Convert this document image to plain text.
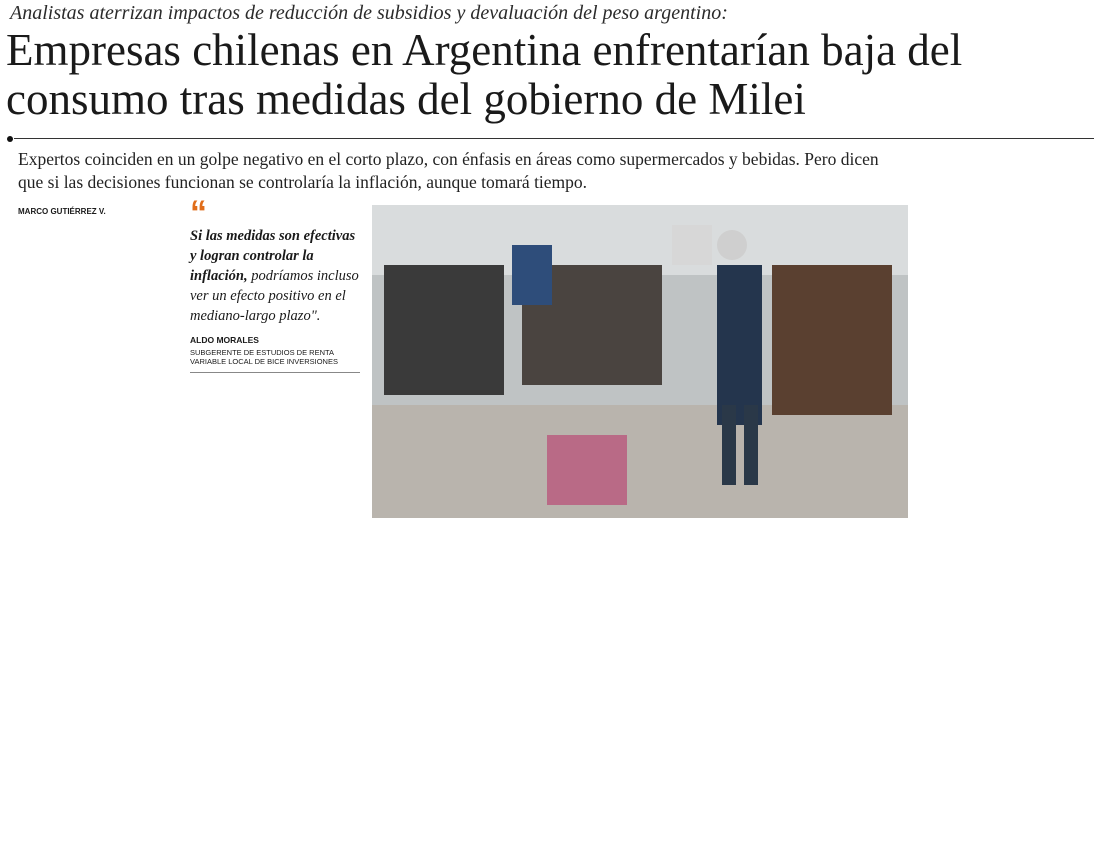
Analistas aterrizan impactos de reducción de subsidios y devaluación del peso argentino:
Empresas chilenas en Argentina enfrentarían baja del consumo tras medidas del gobierno de Milei
Expertos coinciden en un golpe negativo en el corto plazo, con énfasis en áreas como supermercados y bebidas. Pero dicen que si las decisiones funcionan se controlaría la inflación, aunque tomará tiempo.
MARCO GUTIÉRREZ V. “
Si las medidas son efectivas y logran controlar la inflación, podríamos incluso ver un efecto positivo en el mediano-largo plazo".
ALDO MORALES
SUBGERENTE DE ESTUDIOS DE RENTA VARIABLE LOCAL DE BICE INVERSIONES
